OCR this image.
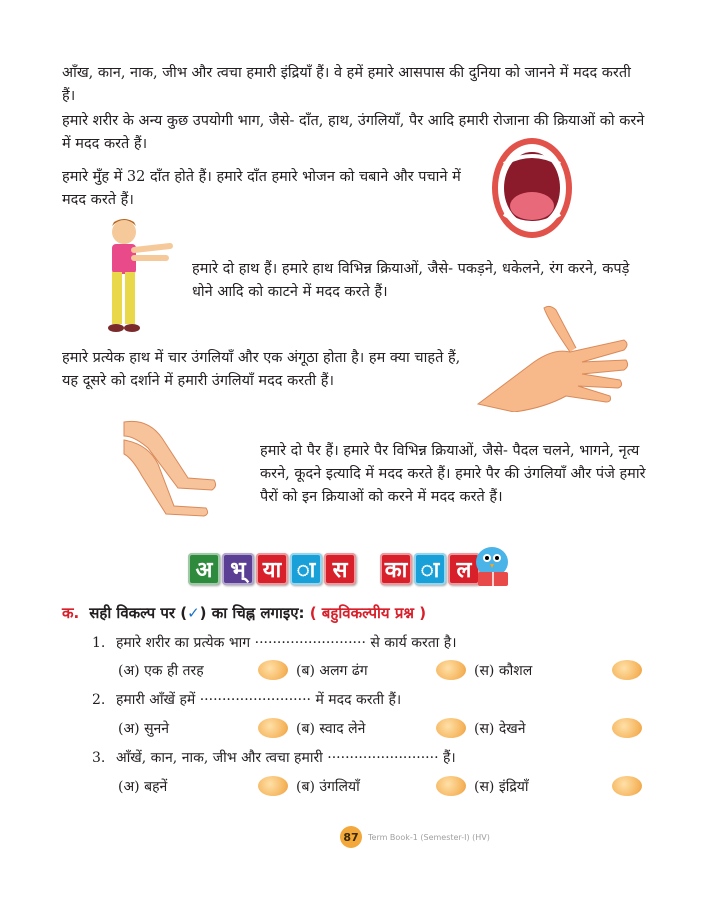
आँख, कान, नाक, जीभ और त्वचा हमारी इंद्रियाँ हैं। वे हमें हमारे आसपास की दुनिया को जानने में मदद करती हैं।

हमारे शरीर के अन्य कुछ उपयोगी भाग, जैसे- दाँत, हाथ, उंगलियाँ, पैर आदि हमारी रोजाना की क्रियाओं को करने में मदद करते हैं।

हमारे मुँह में 32 दाँत होते हैं। हमारे दाँत हमारे भोजन को चबाने और पचाने में मदद करते हैं।

हमारे दो हाथ हैं। हमारे हाथ विभिन्न क्रियाओं, जैसे- पकड़ने, धकेलने, रंग करने, कपड़े धोने आदि को काटने में मदद करते हैं।

हमारे प्रत्येक हाथ में चार उंगलियाँ और एक अंगूठा होता है। हम क्या चाहते हैं, यह दूसरे को दर्शाने में हमारी उंगलियाँ मदद करती हैं।

हमारे दो पैर हैं। हमारे पैर विभिन्न क्रियाओं, जैसे- पैदल चलने, भागने, नृत्य करने, कूदने इत्यादि में मदद करते हैं। हमारे पैर की उंगलियाँ और पंजे हमारे पैरों को इन क्रियाओं को करने में मदद करते हैं।

अ भ् या ा स	का ा ल
क. सही विकल्प पर (✓) का चिह्न लगाइए: ( बहुविकल्पीय प्रश्न )
1. हमारे शरीर का प्रत्येक भाग ························· से कार्य करता है।
(अ) एक ही तरह	(ब) अलग ढंग	(स) कौशल
2. हमारी आँखें हमें ························· में मदद करती हैं।
(अ) सुनने	(ब) स्वाद लेने	(स) देखने
3. आँखें, कान, नाक, जीभ और त्वचा हमारी ························· हैं।
(अ) बहनें	(ब) उंगलियाँ	(स) इंद्रियाँ
87	Term Book-1 (Semester-I) (HV)
